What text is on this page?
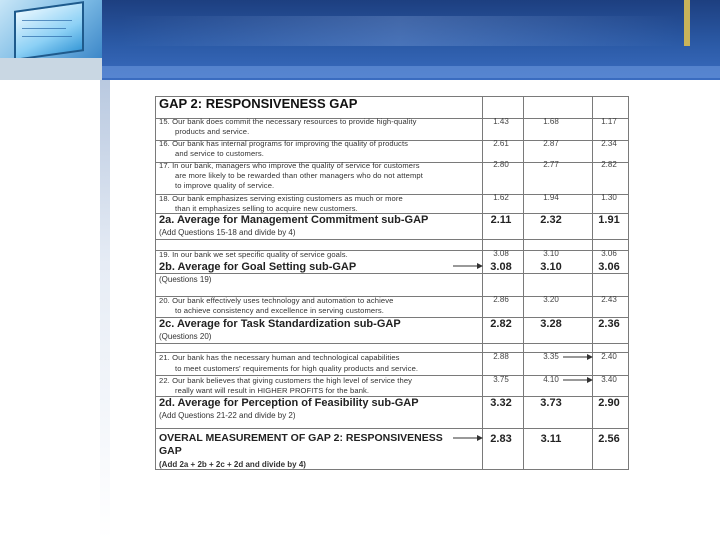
GAP 2: RESPONSIVENESS GAP
15. Our bank does commit the necessary resources to provide high-quality
products and service.
1.43	1.68	1.17
16. Our bank has internal programs for improving the quality of products
and service to customers.
2.61	2.87	2.34
17. In our bank, managers who improve the quality of service for customers
are more likely to be rewarded than other managers who do not attempt
to improve quality of service.
2.80	2.77	2.82
18. Our bank emphasizes serving existing customers as much or more
than it emphasizes selling to acquire new customers.
1.62	1.94	1.30
2a. Average for Management Commitment sub-GAP
(Add Questions 15-18 and divide by 4)
2.11	2.32	1.91
19. In our bank we set specific quality of service goals.	3.08	3.10	3.06
2b. Average for Goal Setting sub-GAP
(Questions 19)
3.08	3.10	3.06
20. Our bank effectively uses technology and automation to achieve
to achieve consistency and excellence in serving customers.
2.86	3.20	2.43
2c. Average for Task Standardization sub-GAP
(Questions 20)
2.82	3.28	2.36
21. Our bank has the necessary human and technological capabilities
to meet customers' requirements for high quality products and service.
2.88	3.35	2.40
22. Our bank believes that giving customers the high level of service they
really want will result in HIGHER PROFITS for the bank.
3.75	4.10	3.40
2d. Average for Perception of Feasibility sub-GAP
(Add Questions 21-22 and divide by 2)
3.32	3.73	2.90
OVERAL MEASUREMENT OF GAP 2: RESPONSIVENESS
GAP
(Add 2a + 2b + 2c + 2d and divide by 4)
2.83	3.11	2.56
